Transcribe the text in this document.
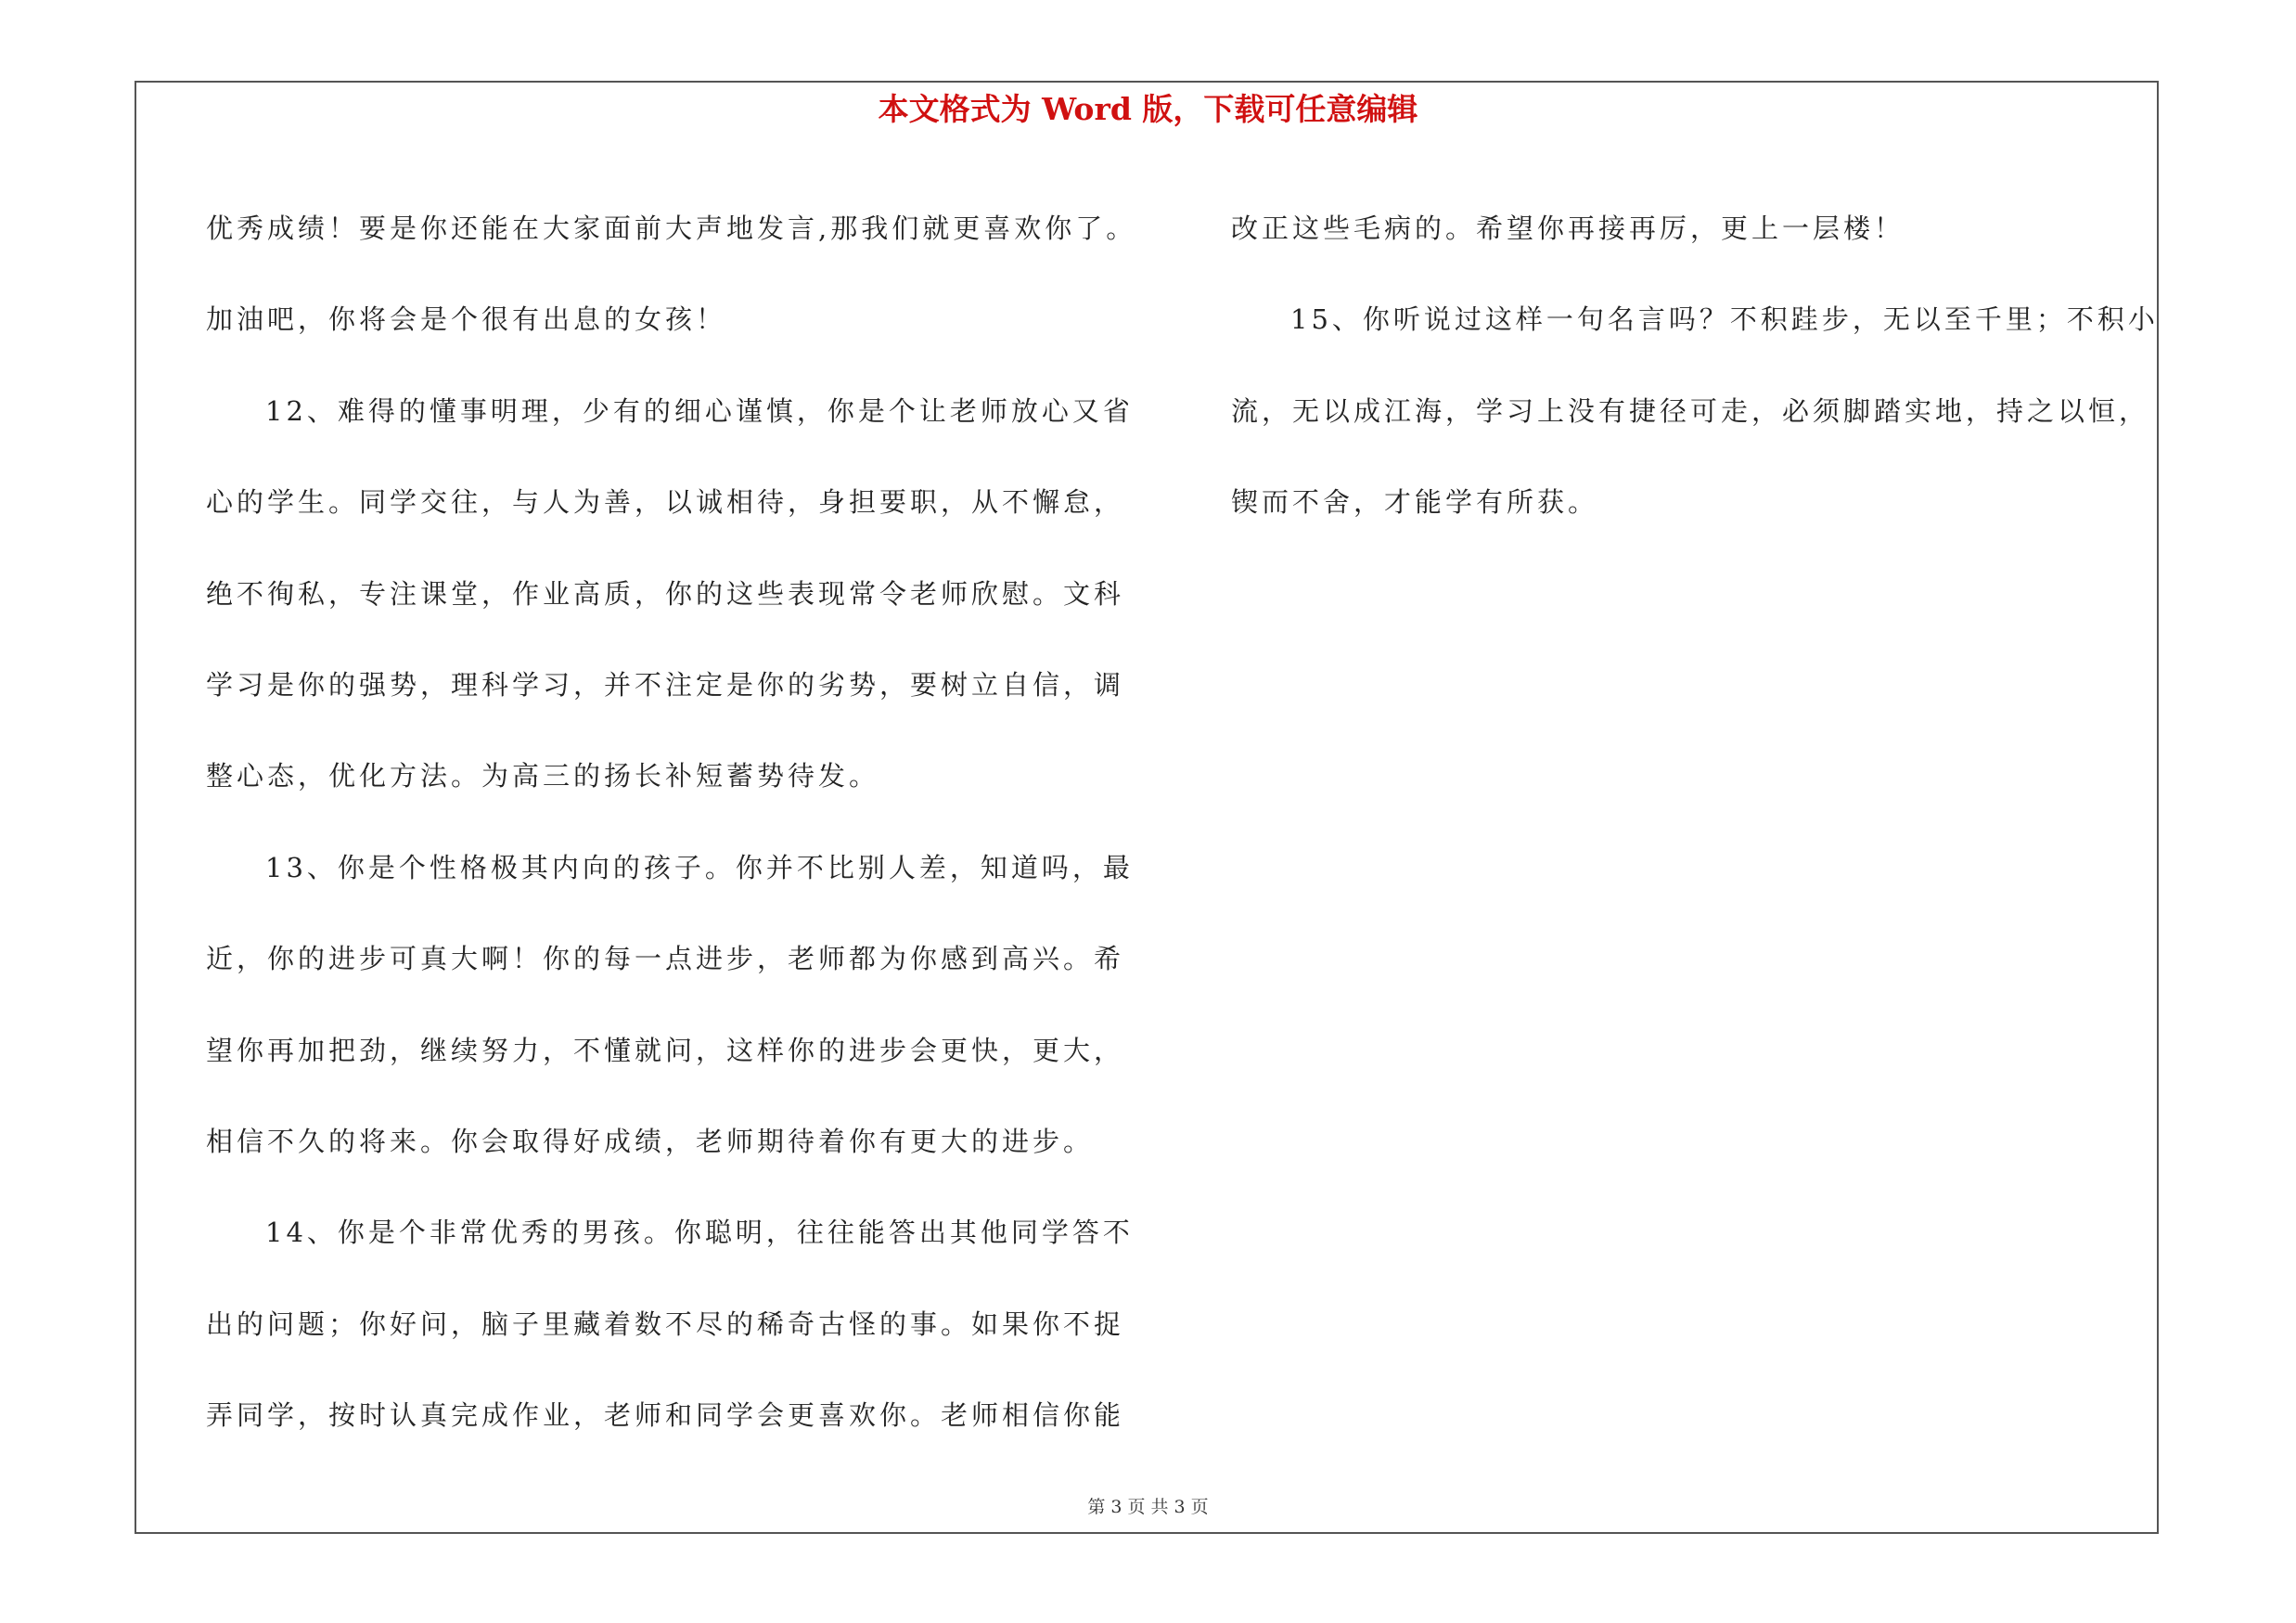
本文格式为 Word 版，下载可任意编辑
优秀成绩！要是你还能在大家面前大声地发言,那我们就更喜欢你了。
加油吧，你将会是个很有出息的女孩！
12、难得的懂事明理，少有的细心谨慎，你是个让老师放心又省
心的学生。同学交往，与人为善，以诚相待，身担要职，从不懈怠，
绝不徇私，专注课堂，作业高质，你的这些表现常令老师欣慰。文科
学习是你的强势，理科学习，并不注定是你的劣势，要树立自信，调
整心态，优化方法。为高三的扬长补短蓄势待发。
13、你是个性格极其内向的孩子。你并不比别人差，知道吗，最
近，你的进步可真大啊！你的每一点进步，老师都为你感到高兴。希
望你再加把劲，继续努力，不懂就问，这样你的进步会更快，更大，
相信不久的将来。你会取得好成绩，老师期待着你有更大的进步。
14、你是个非常优秀的男孩。你聪明，往往能答出其他同学答不
出的问题；你好问，脑子里藏着数不尽的稀奇古怪的事。如果你不捉
弄同学，按时认真完成作业，老师和同学会更喜欢你。老师相信你能
改正这些毛病的。希望你再接再厉，更上一层楼！
15、你听说过这样一句名言吗？不积跬步，无以至千里；不积小
流，无以成江海，学习上没有捷径可走，必须脚踏实地，持之以恒，
锲而不舍，才能学有所获。
第 3 页 共 3 页
